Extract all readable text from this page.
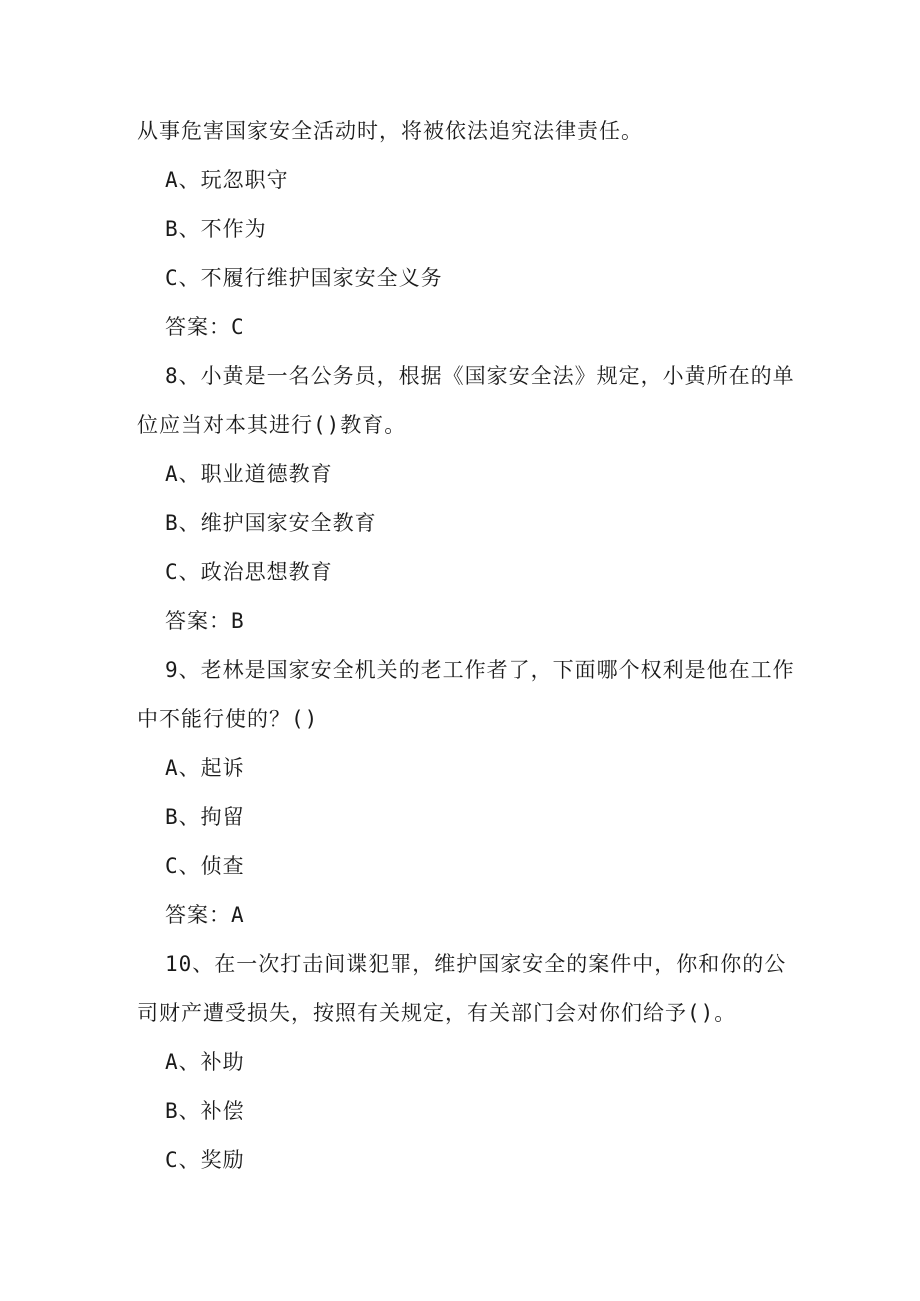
从事危害国家安全活动时，将被依法追究法律责任。
A、玩忽职守
B、不作为
C、不履行维护国家安全义务
答案：C
8、小黄是一名公务员，根据《国家安全法》规定，小黄所在的单
位应当对本其进行()教育。
A、职业道德教育
B、维护国家安全教育
C、政治思想教育
答案：B
9、老林是国家安全机关的老工作者了，下面哪个权利是他在工作
中不能行使的？()
A、起诉
B、拘留
C、侦查
答案：A
10、在一次打击间谍犯罪，维护国家安全的案件中，你和你的公
司财产遭受损失，按照有关规定，有关部门会对你们给予()。
A、补助
B、补偿
C、奖励
